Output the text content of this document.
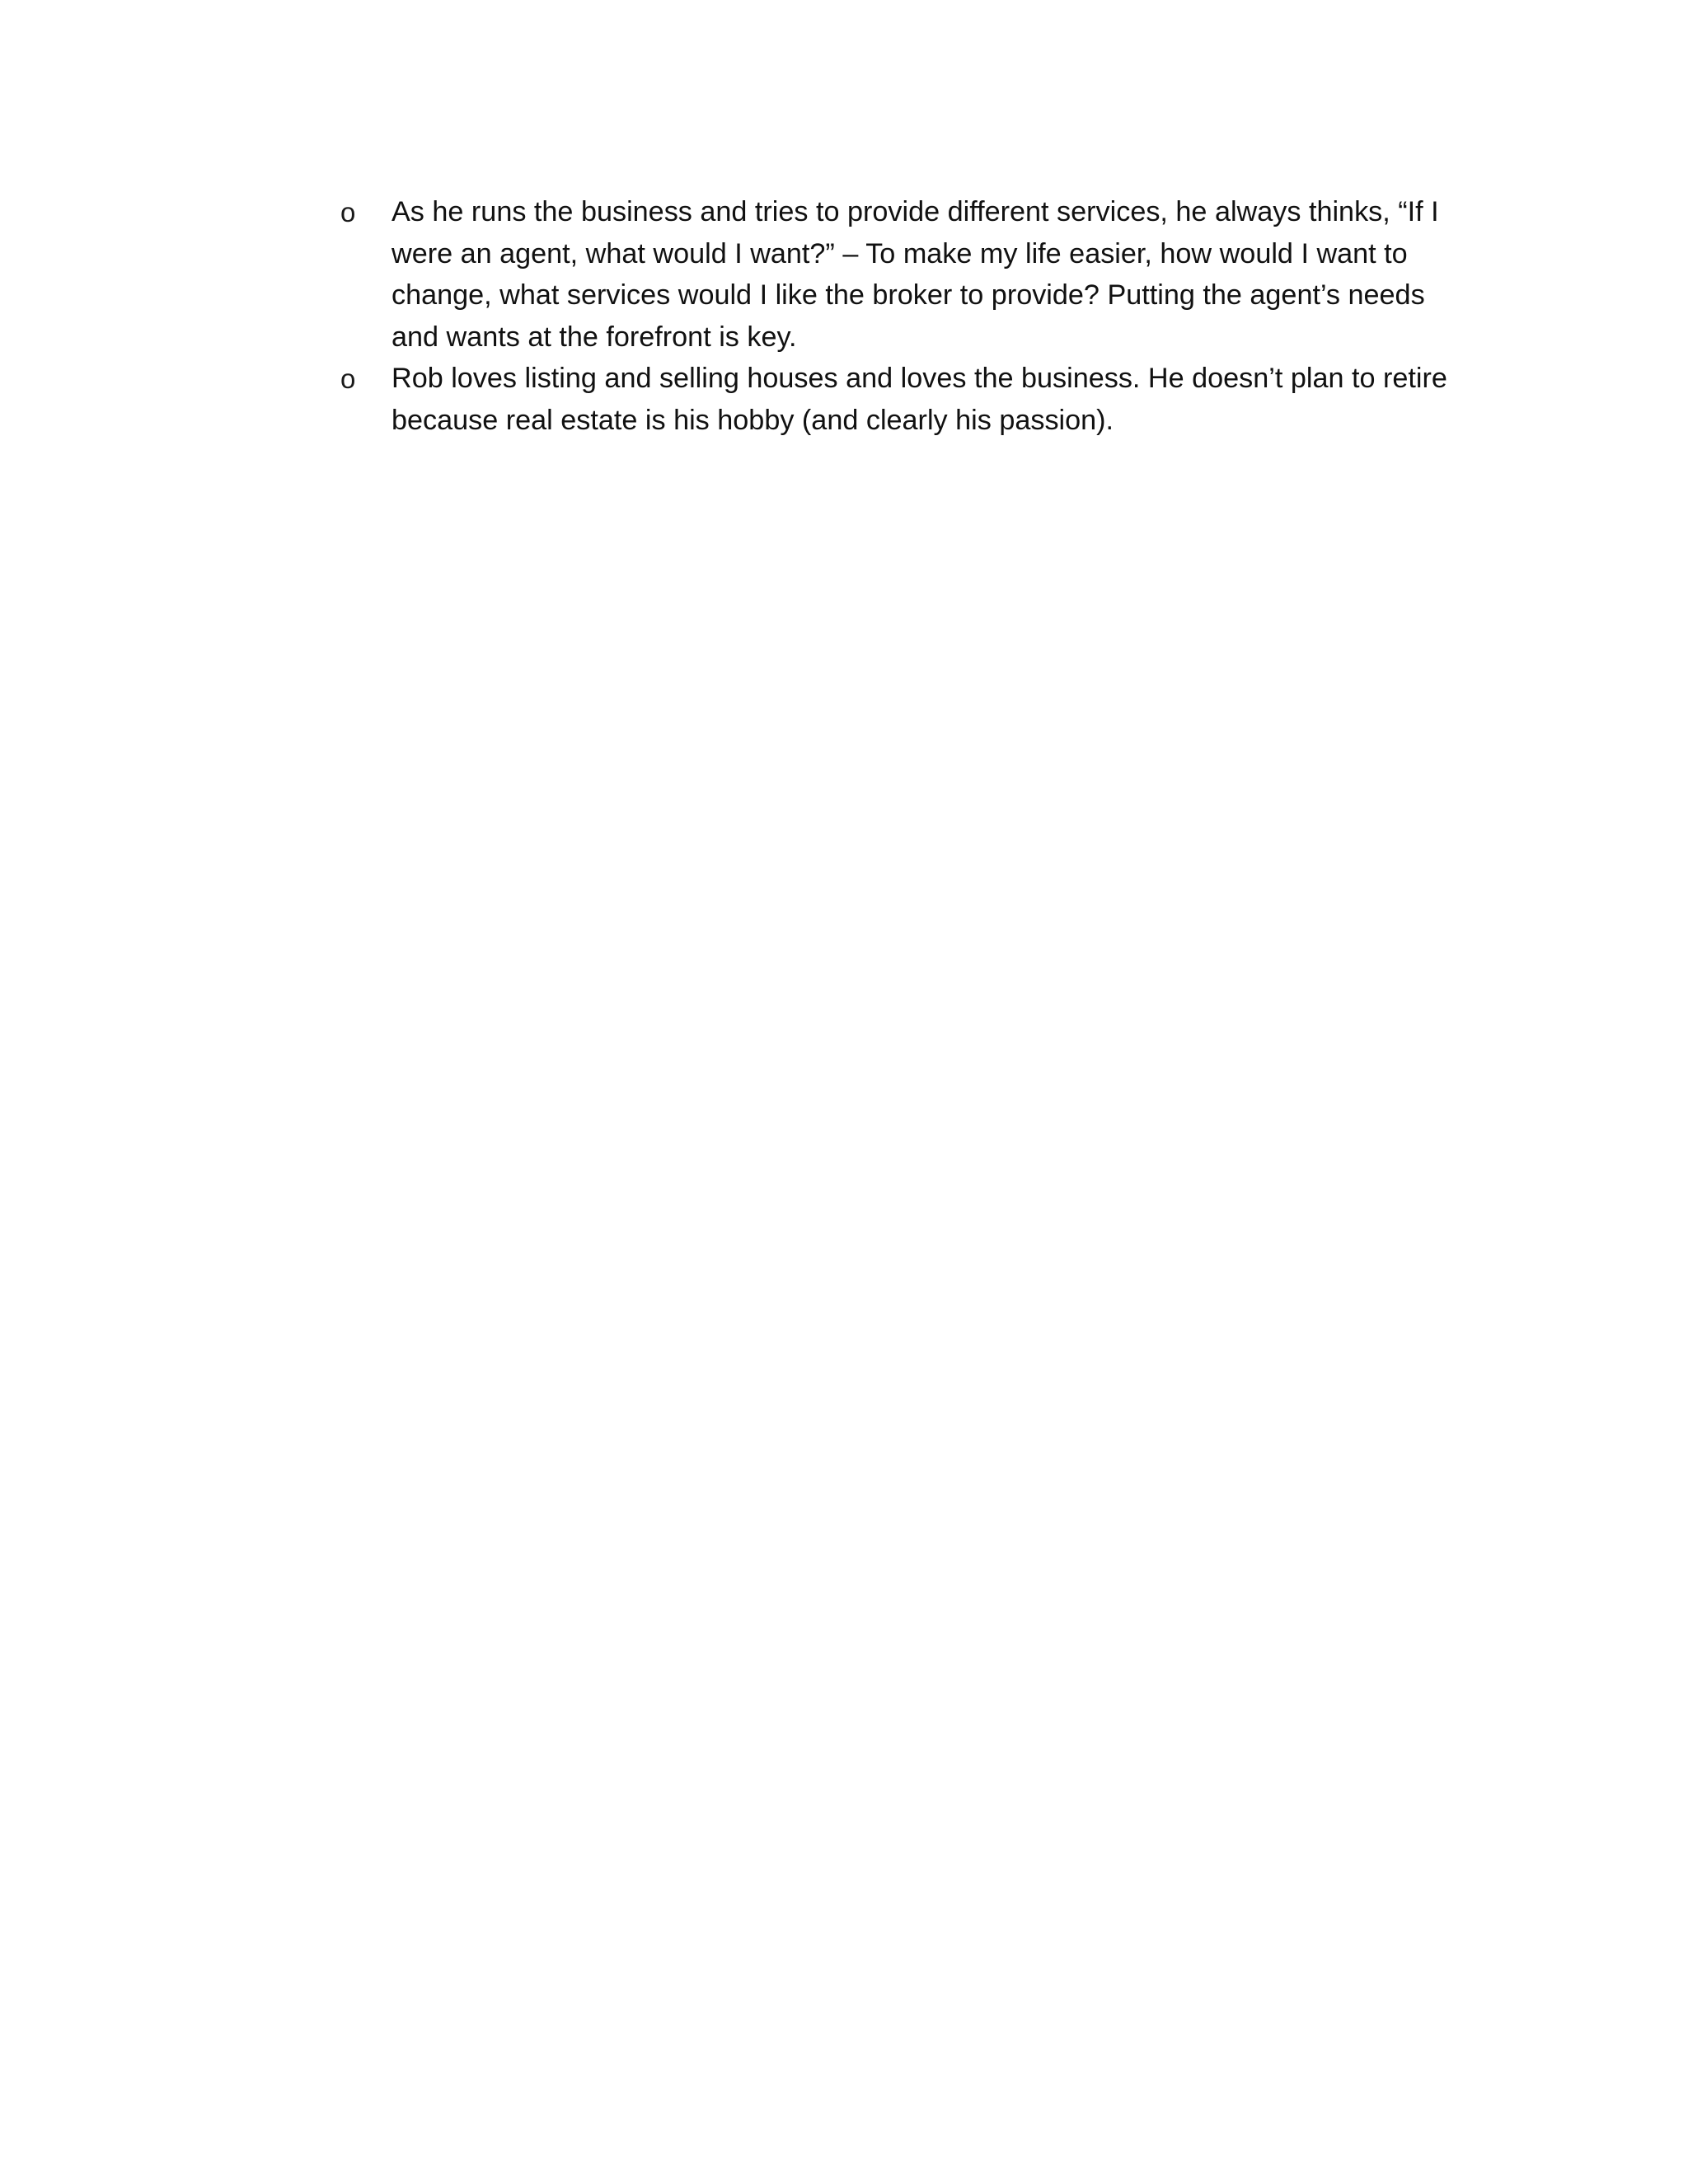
o As he runs the business and tries to provide different services, he always thinks, “If I were an agent, what would I want?” – To make my life easier, how would I want to change, what services would I like the broker to provide? Putting the agent’s needs and wants at the forefront is key.
o Rob loves listing and selling houses and loves the business. He doesn’t plan to retire because real estate is his hobby (and clearly his passion).
